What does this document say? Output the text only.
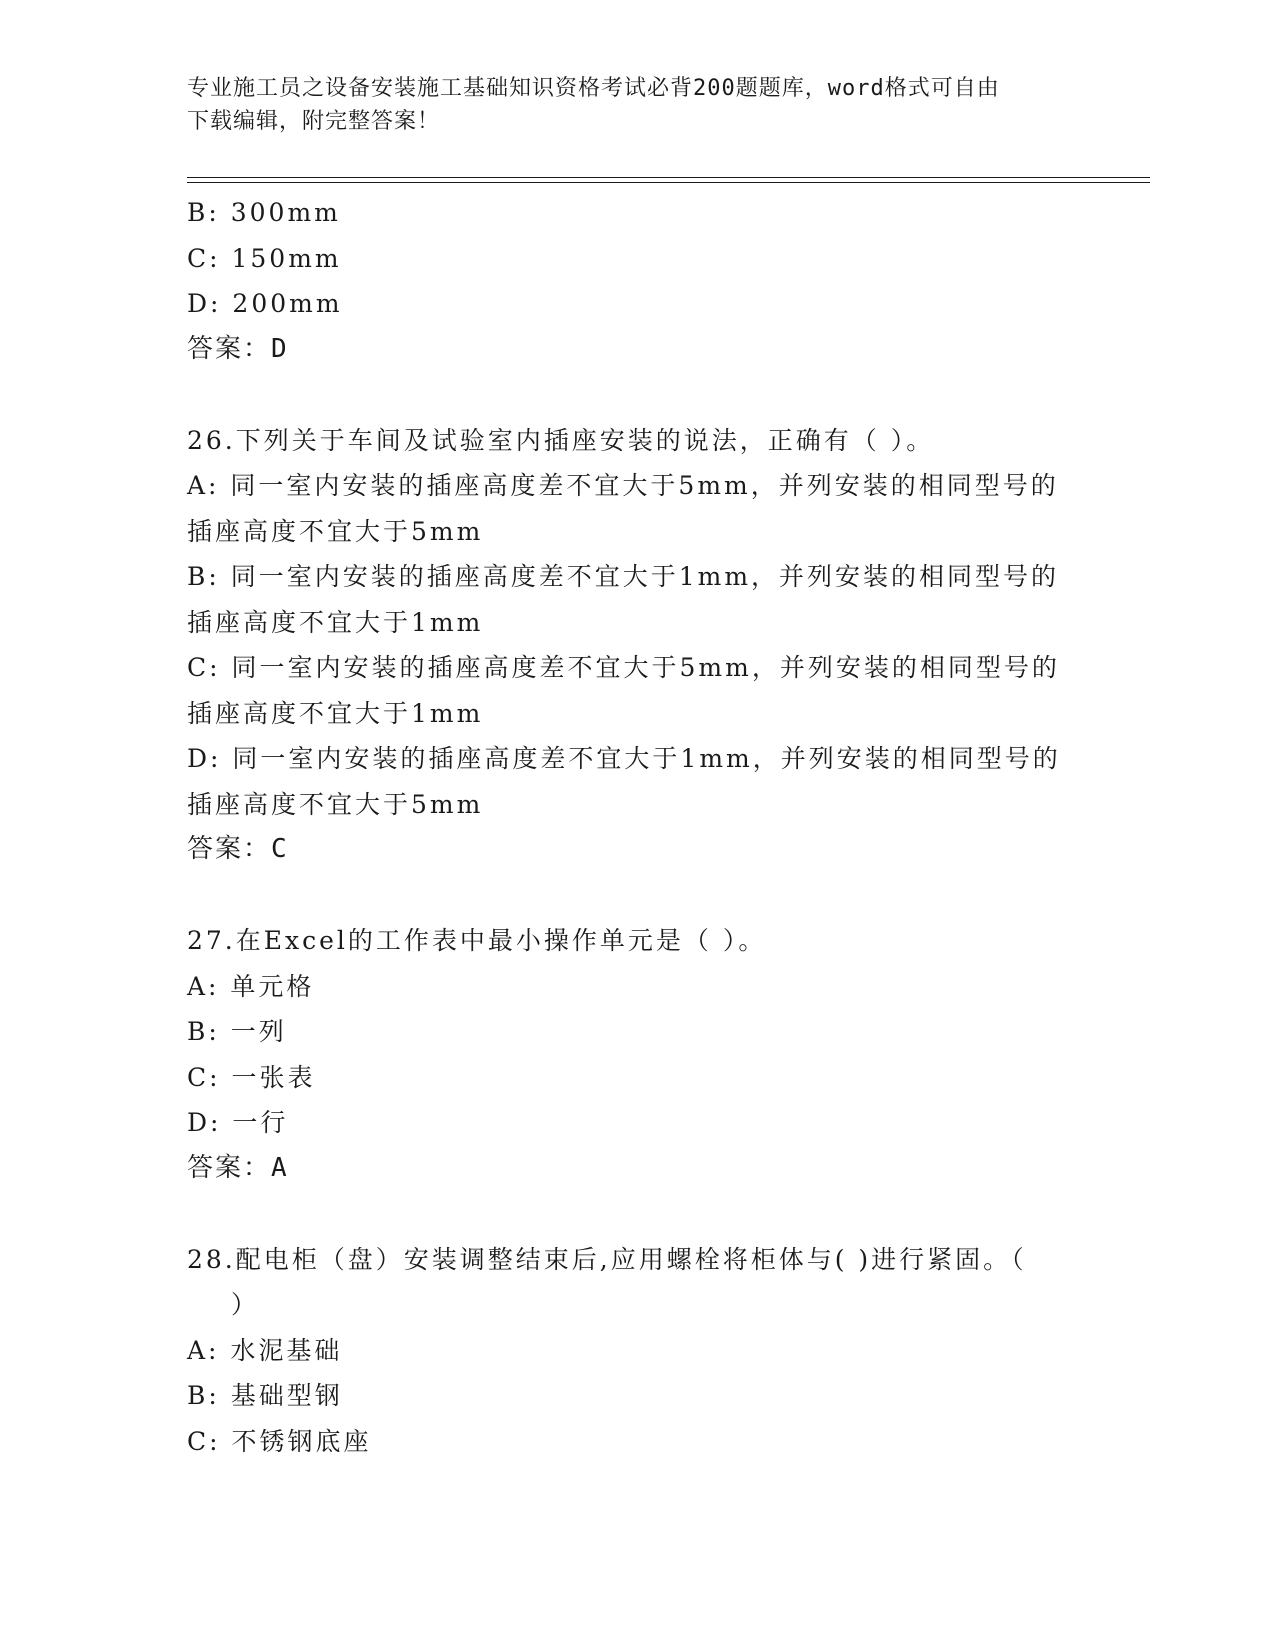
专业施工员之设备安装施工基础知识资格考试必背200题题库，word格式可自由
下载编辑，附完整答案！
B: 300mm
C: 150mm
D: 200mm
答案：D
26.下列关于车间及试验室内插座安装的说法，正确有（ ）。
A: 同一室内安装的插座高度差不宜大于5mm，并列安装的相同型号的
插座高度不宜大于5mm
B: 同一室内安装的插座高度差不宜大于1mm，并列安装的相同型号的
插座高度不宜大于1mm
C: 同一室内安装的插座高度差不宜大于5mm，并列安装的相同型号的
插座高度不宜大于1mm
D: 同一室内安装的插座高度差不宜大于1mm，并列安装的相同型号的
插座高度不宜大于5mm
答案：C
27.在Excel的工作表中最小操作单元是（ ）。
A: 单元格
B: 一列
C: 一张表
D: 一行
答案：A
28.配电柜（盘）安装调整结束后,应用螺栓将柜体与( )进行紧固。（
）
A: 水泥基础
B: 基础型钢
C: 不锈钢底座
